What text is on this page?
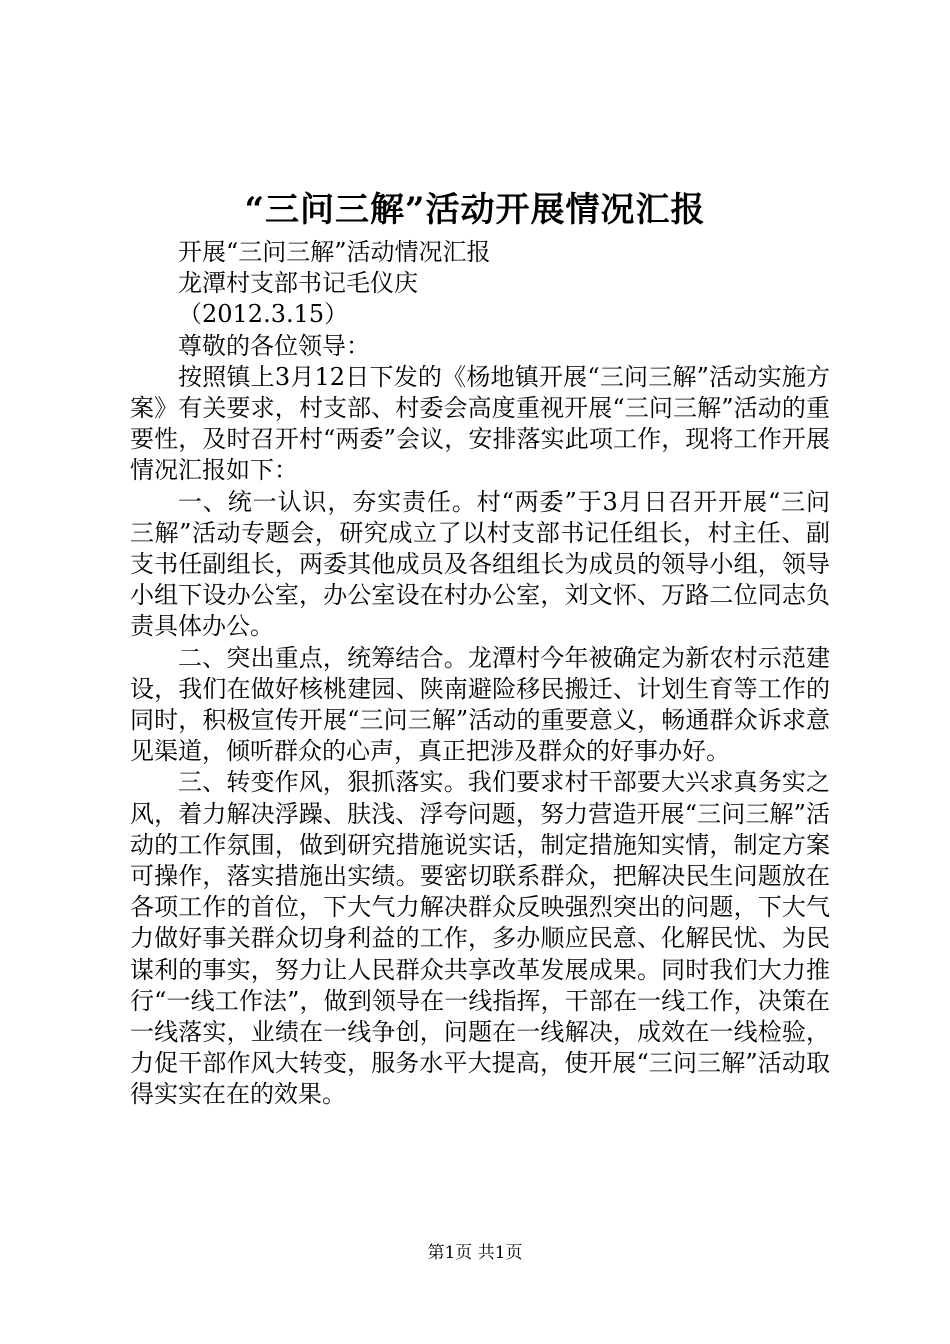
“三问三解”活动开展情况汇报

开展“三问三解”活动情况汇报

龙潭村支部书记毛仪庆

（2012.3.15）

尊敬的各位领导：

按照镇上3月12日下发的《杨地镇开展“三问三解”活动实施方案》有关要求，村支部、村委会高度重视开展“三问三解”活动的重要性，及时召开村“两委”会议，安排落实此项工作，现将工作开展情况汇报如下：

一、统一认识，夯实责任。村“两委”于3月日召开开展“三问三解”活动专题会，研究成立了以村支部书记任组长，村主任、副支书任副组长，两委其他成员及各组组长为成员的领导小组，领导小组下设办公室，办公室设在村办公室，刘文怀、万路二位同志负责具体办公。

二、突出重点，统筹结合。龙潭村今年被确定为新农村示范建设，我们在做好核桃建园、陕南避险移民搬迁、计划生育等工作的同时，积极宣传开展“三问三解”活动的重要意义，畅通群众诉求意见渠道，倾听群众的心声，真正把涉及群众的好事办好。

三、转变作风，狠抓落实。我们要求村干部要大兴求真务实之风，着力解决浮躁、肤浅、浮夸问题，努力营造开展“三问三解”活动的工作氛围，做到研究措施说实话，制定措施知实情，制定方案可操作，落实措施出实绩。要密切联系群众，把解决民生问题放在各项工作的首位，下大气力解决群众反映强烈突出的问题，下大气力做好事关群众切身利益的工作，多办顺应民意、化解民忧、为民谋利的事实，努力让人民群众共享改革发展成果。同时我们大力推行“一线工作法”，做到领导在一线指挥，干部在一线工作，决策在一线落实，业绩在一线争创，问题在一线解决，成效在一线检验，力促干部作风大转变，服务水平大提高，使开展“三问三解”活动取得实实在在的效果。

第1页 共1页
